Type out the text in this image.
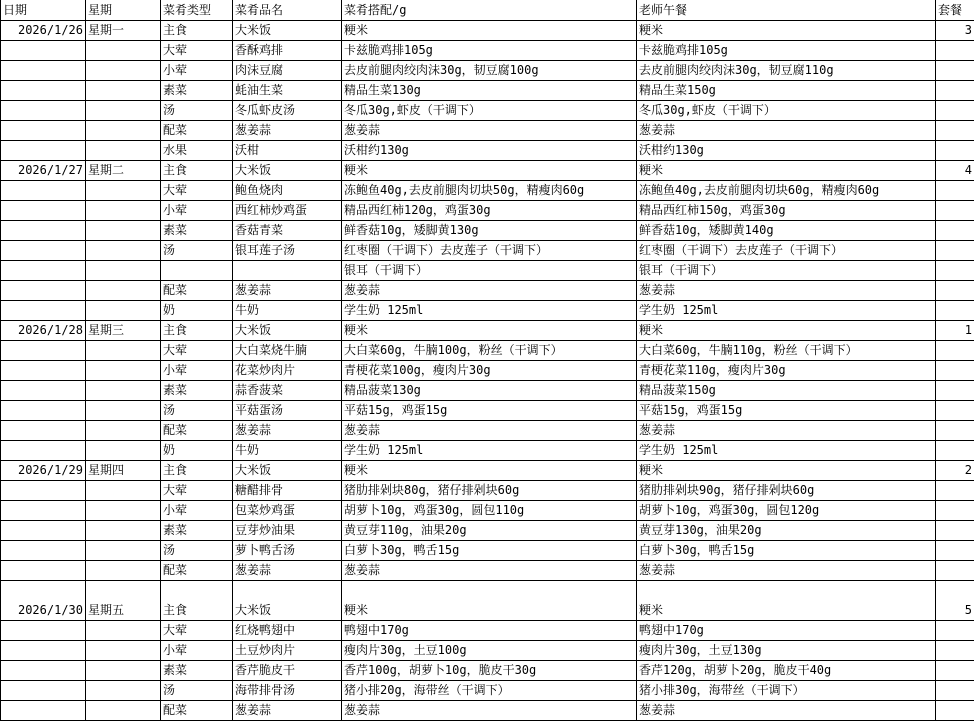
日期	星期	菜肴类型	菜肴品名	菜肴搭配/g	老师午餐	套餐
2026/1/26	星期一	主食	大米饭	粳米	粳米	3
		大荤	香酥鸡排	卡兹脆鸡排105g	卡兹脆鸡排105g	
		小荤	肉沫豆腐	去皮前腿肉绞肉沫30g，韧豆腐100g	去皮前腿肉绞肉沫30g，韧豆腐110g	
		素菜	蚝油生菜	精品生菜130g	精品生菜150g	
		汤	冬瓜虾皮汤	冬瓜30g,虾皮（干调下）	冬瓜30g,虾皮（干调下）	
		配菜	葱姜蒜	葱姜蒜	葱姜蒜	
		水果	沃柑	沃柑约130g	沃柑约130g	
2026/1/27	星期二	主食	大米饭	粳米	粳米	4
		大荤	鲍鱼烧肉	冻鲍鱼40g,去皮前腿肉切块50g，精瘦肉60g	冻鲍鱼40g,去皮前腿肉切块60g，精瘦肉60g	
		小荤	西红柿炒鸡蛋	精品西红柿120g，鸡蛋30g	精品西红柿150g，鸡蛋30g	
		素菜	香菇青菜	鲜香菇10g，矮脚黄130g	鲜香菇10g，矮脚黄140g	
		汤	银耳莲子汤	红枣圈（干调下）去皮莲子（干调下）	红枣圈（干调下）去皮莲子（干调下）	
				银耳（干调下）	银耳（干调下）	
		配菜	葱姜蒜	葱姜蒜	葱姜蒜	
		奶	牛奶	学生奶 125ml	学生奶 125ml	
2026/1/28	星期三	主食	大米饭	粳米	粳米	1
		大荤	大白菜烧牛腩	大白菜60g，牛腩100g，粉丝（干调下）	大白菜60g，牛腩110g，粉丝（干调下）	
		小荤	花菜炒肉片	青梗花菜100g，瘦肉片30g	青梗花菜110g，瘦肉片30g	
		素菜	蒜香菠菜	精品菠菜130g	精品菠菜150g	
		汤	平菇蛋汤	平菇15g，鸡蛋15g	平菇15g，鸡蛋15g	
		配菜	葱姜蒜	葱姜蒜	葱姜蒜	
		奶	牛奶	学生奶 125ml	学生奶 125ml	
2026/1/29	星期四	主食	大米饭	粳米	粳米	2
		大荤	糖醋排骨	猪肋排剁块80g，猪仔排剁块60g	猪肋排剁块90g，猪仔排剁块60g	
		小荤	包菜炒鸡蛋	胡萝卜10g，鸡蛋30g，圆包110g	胡萝卜10g，鸡蛋30g，圆包120g	
		素菜	豆芽炒油果	黄豆芽110g，油果20g	黄豆芽130g，油果20g	
		汤	萝卜鸭舌汤	白萝卜30g，鸭舌15g	白萝卜30g，鸭舌15g	
		配菜	葱姜蒜	葱姜蒜	葱姜蒜	

2026/1/30	星期五	主食	大米饭	粳米	粳米	5
		大荤	红烧鸭翅中	鸭翅中170g	鸭翅中170g	
		小荤	土豆炒肉片	瘦肉片30g，土豆100g	瘦肉片30g，土豆130g	
		素菜	香芹脆皮干	香芹100g，胡萝卜10g，脆皮干30g	香芹120g，胡萝卜20g，脆皮干40g	
		汤	海带排骨汤	猪小排20g，海带丝（干调下）	猪小排30g，海带丝（干调下）	
		配菜	葱姜蒜	葱姜蒜	葱姜蒜	
